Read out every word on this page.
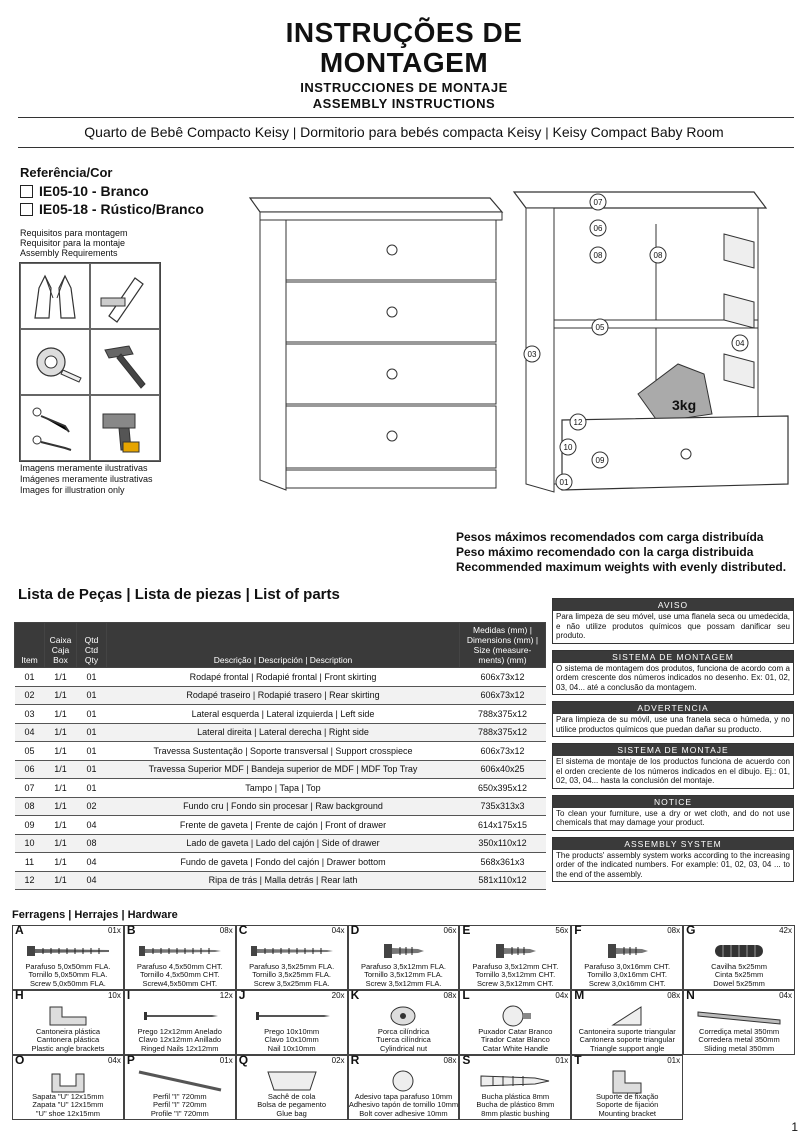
INSTRUÇÕES DE
MONTAGEM
INSTRUCCIONES DE MONTAJE
ASSEMBLY INSTRUCTIONS
Quarto de Bebê Compacto Keisy | Dormitorio para bebés compacta Keisy | Keisy Compact Baby Room
Referência/Cor
IE05-10 - Branco
IE05-18 - Rústico/Branco
Requisitos para montagem
Requisitor para la montaje
Assembly Requirements
Imagens meramente ilustrativas
Imágenes meramente ilustrativas
Images for illustration only
3kg
07
06
08	08
05
03
04
12
10
09
01
Pesos máximos recomendados com carga distribuída
Peso máximo recomendado con la carga distribuida
Recommended maximum weights with evenly distributed.
Lista de Peças | Lista de piezas | List of parts
Item	Caixa Caja Box	Qtd Ctd Qty	Descrição | Descripción | Description	Medidas (mm) | Dimensions (mm) | Size (measure-ments) (mm)
01	1/1	01	Rodapé frontal | Rodapié frontal | Front skirting	606x73x12
02	1/1	01	Rodapé traseiro | Rodapié trasero | Rear skirting	606x73x12
03	1/1	01	Lateral esquerda | Lateral izquierda | Left side	788x375x12
04	1/1	01	Lateral direita | Lateral derecha | Right side	788x375x12
05	1/1	01	Travessa Sustentação | Soporte transversal | Support crosspiece	606x73x12
06	1/1	01	Travessa Superior MDF | Bandeja superior de MDF | MDF Top Tray	606x40x25
07	1/1	01	Tampo | Tapa | Top	650x395x12
08	1/1	02	Fundo cru | Fondo sin procesar | Raw background	735x313x3
09	1/1	04	Frente de gaveta | Frente de cajón | Front of drawer	614x175x15
10	1/1	08	Lado de gaveta | Lado del cajón | Side of drawer	350x110x12
11	1/1	04	Fundo de gaveta | Fondo del cajón | Drawer bottom	568x361x3
12	1/1	04	Ripa de trás | Malla detrás | Rear lath	581x110x12
AVISO

Para limpeza de seu móvel, use uma flanela seca ou umedecida, e não utilize produtos químicos que possam danificar seu produto.

SISTEMA DE MONTAGEM

O sistema de montagem dos produtos, funciona de acordo com a ordem crescente dos números indicados no desenho. Ex: 01, 02, 03, 04... até a conclusão da montagem.

ADVERTENCIA

Para limpieza de su móvil, use una franela seca o húmeda, y no utilice productos químicos que puedan dañar su producto.

SISTEMA DE MONTAJE

El sistema de montaje de los productos funciona de acuerdo con el orden creciente de los números indicados en el dibujo. Ej.: 01, 02, 03, 04... hasta la conclusión del montaje.

NOTICE

To clean your furniture, use a dry or wet cloth, and do not use chemicals that may damage your product.

ASSEMBLY SYSTEM

The products' assembly system works according to the increasing order of the indicated numbers. For example: 01, 02, 03, 04 ... to the end of the assembly.

Ferragens | Herrajes | Hardware
A	01x
Parafuso 5,0x50mm FLA.
Tornillo 5,0x50mm FLA.
Screw 5,0x50mm FLA.
B	08x
Parafuso 4,5x50mm CHT.
Tornillo 4,5x50mm CHT.
Screw4,5x50mm CHT.
C	04x
Parafuso 3,5x25mm FLA.
Tornillo 3,5x25mm FLA.
Screw 3,5x25mm FLA.
D	06x
Parafuso 3,5x12mm FLA.
Tornillo 3,5x12mm FLA.
Screw 3,5x12mm FLA.
E	56x
Parafuso 3,5x12mm CHT.
Tornillo 3,5x12mm CHT.
Screw 3,5x12mm CHT.
F	08x
Parafuso 3,0x16mm CHT.
Tornillo 3,0x16mm CHT.
Screw 3,0x16mm CHT.
G	42x
Cavilha 5x25mm
Cinta 5x25mm
Dowel 5x25mm
H	10x
Cantoneira plástica
Cantonera plástica
Plastic angle brackets
I	12x
Prego 12x12mm Anelado
Clavo 12x12mm Anillado
Ringed Nails 12x12mm
J	20x
Prego 10x10mm
Clavo 10x10mm
Nail 10x10mm
K	08x
Porca cilíndrica
Tuerca cilíndrica
Cylindrical nut
L	04x
Puxador Catar Branco
Tirador Catar Blanco
Catar White Handle
M	08x
Cantoneira suporte triangular
Cantonera soporte triangular
Triangle support angle
N	04x
Corrediça metal 350mm
Corredera metal 350mm
Sliding metal 350mm
O	04x
Sapata "U" 12x15mm
Zapata "U" 12x15mm
"U" shoe 12x15mm
P	01x
Perfil "I" 720mm
Perfil "I" 720mm
Profile "I" 720mm
Q	02x
Sachê de cola
Bolsa de pegamento
Glue bag
R	08x
Adesivo tapa parafuso 10mm
Adhesivo tapón de tornillo 10mm
Bolt cover adhesive 10mm
S	01x
Bucha plástica 8mm
Bucha de plástico 8mm
8mm plastic bushing
T	01x
Suporte de fixação
Soporte de fijación
Mounting bracket
1
